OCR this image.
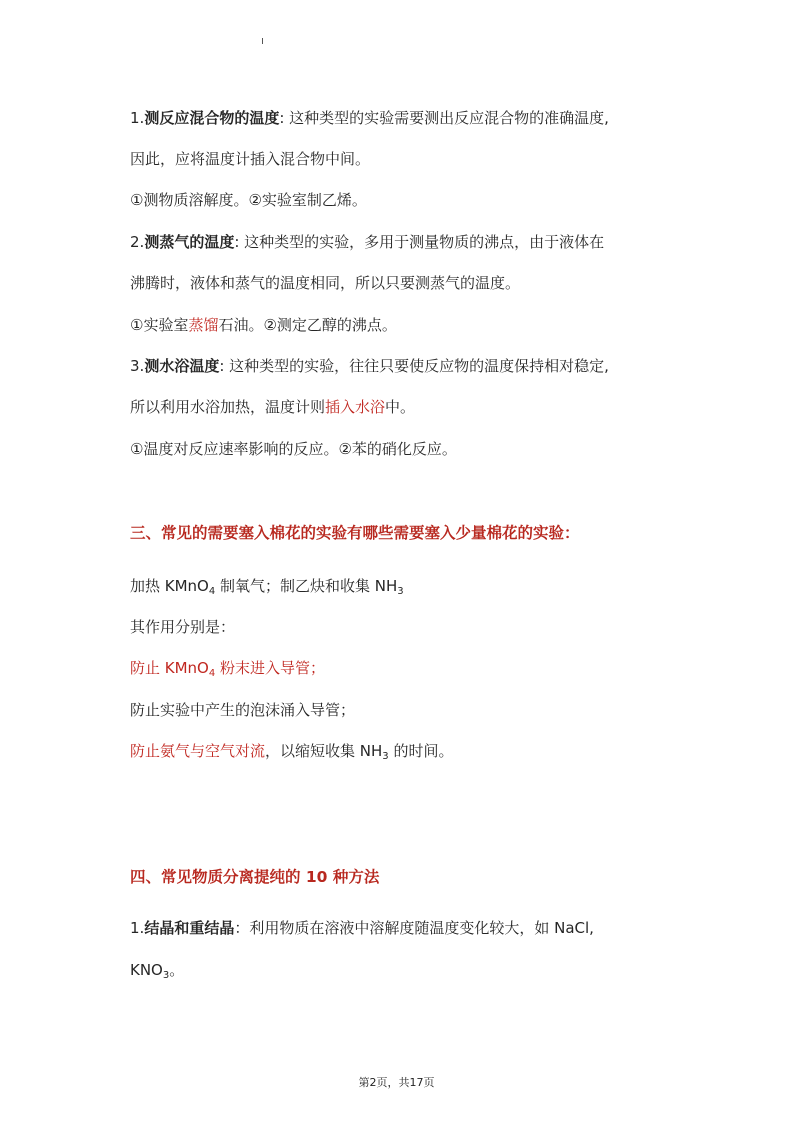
1.测反应混合物的温度: 这种类型的实验需要测出反应混合物的准确温度,
因此，应将温度计插入混合物中间。
①测物质溶解度。②实验室制乙烯。
2.测蒸气的温度: 这种类型的实验，多用于测量物质的沸点，由于液体在
沸腾时，液体和蒸气的温度相同，所以只要测蒸气的温度。
①实验室蒸馏石油。②测定乙醇的沸点。
3.测水浴温度: 这种类型的实验，往往只要使反应物的温度保持相对稳定,
所以利用水浴加热，温度计则插入水浴中。
①温度对反应速率影响的反应。②苯的硝化反应。
三、常见的需要塞入棉花的实验有哪些需要塞入少量棉花的实验：
加热 KMnO$_4$ 制氧气；制乙炔和收集 $NH_3$
其作用分别是：
防止 KMnO$_4$ 粉末进入导管；
防止实验中产生的泡沫涌入导管；
防止氨气与空气对流，以缩短收集 $NH_3$ 的时间。
四、常见物质分离提纯的 10 种方法
1.结晶和重结晶：利用物质在溶液中溶解度随温度变化较大，如 NaCl,
$KNO_3$。
第2页，共17页
